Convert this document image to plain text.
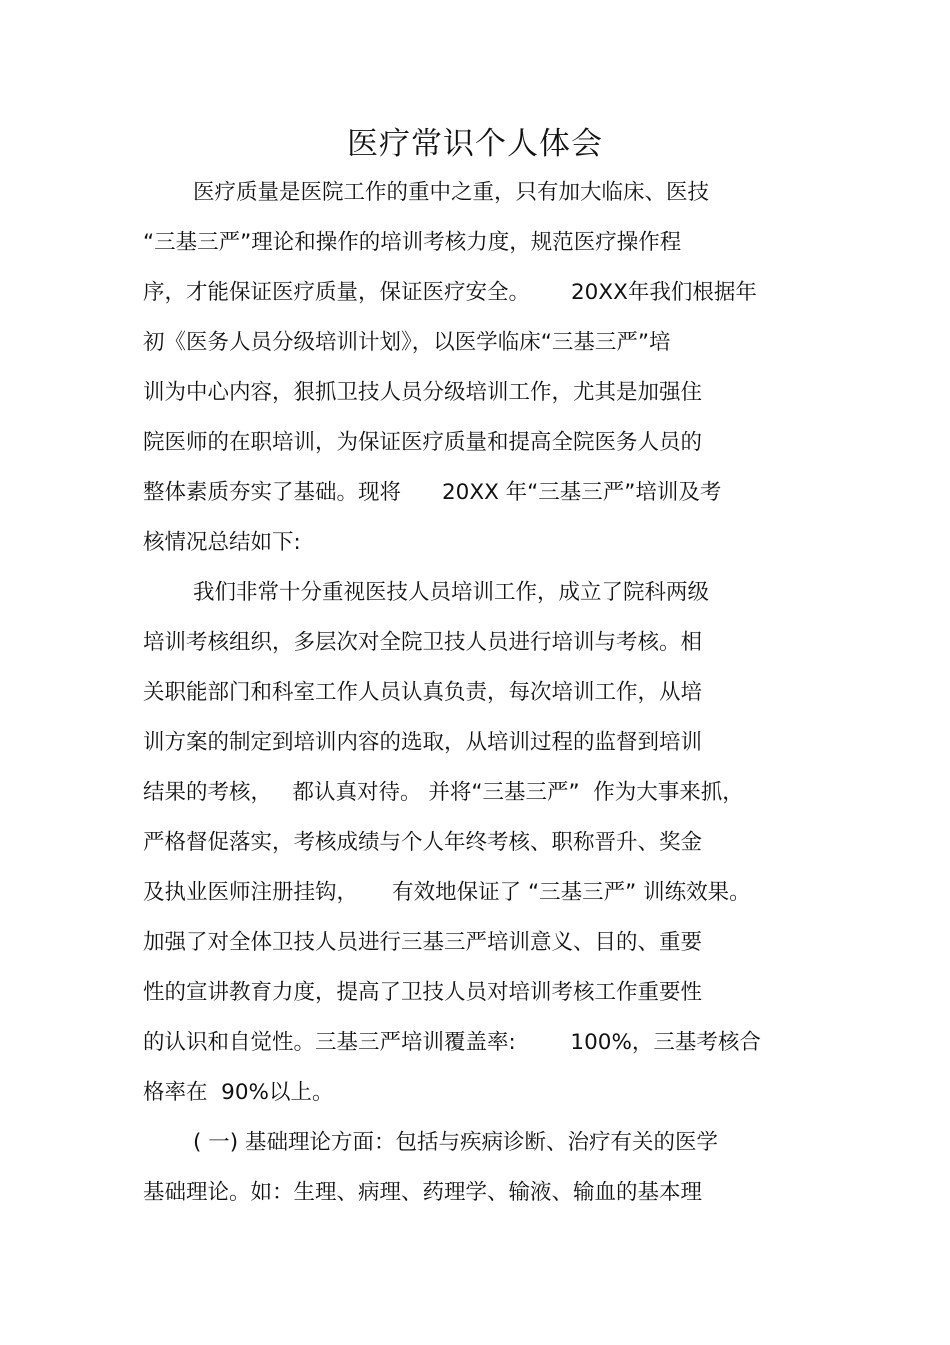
医疗常识个人体会

医疗质量是医院工作的重中之重，只有加大临床、医技

“三基三严”理论和操作的培训考核力度，规范医疗操作程

序，才能保证医疗质量，保证医疗安全。      20XX年我们根据年

初《医务人员分级培训计划》，以医学临床“三基三严”培

训为中心内容，狠抓卫技人员分级培训工作，尤其是加强住

院医师的在职培训，为保证医疗质量和提高全院医务人员的

整体素质夯实了基础。现将      20XX 年“三基三严”培训及考

核情况总结如下:

我们非常十分重视医技人员培训工作，成立了院科两级

培训考核组织，多层次对全院卫技人员进行培训与考核。相

关职能部门和科室工作人员认真负责，每次培训工作，从培

训方案的制定到培训内容的选取，从培训过程的监督到培训

结果的考核，   都认真对待。 并将“三基三严”  作为大事来抓，

严格督促落实，考核成绩与个人年终考核、职称晋升、奖金

及执业医师注册挂钩，     有效地保证了 “三基三严” 训练效果。

加强了对全体卫技人员进行三基三严培训意义、目的、重要

性的宣讲教育力度，提高了卫技人员对培训考核工作重要性

的认识和自觉性。三基三严培训覆盖率:        100%，三基考核合

格率在  90%以上。

( 一) 基础理论方面：包括与疾病诊断、治疗有关的医学

基础理论。如：生理、病理、药理学、输液、输血的基本理
